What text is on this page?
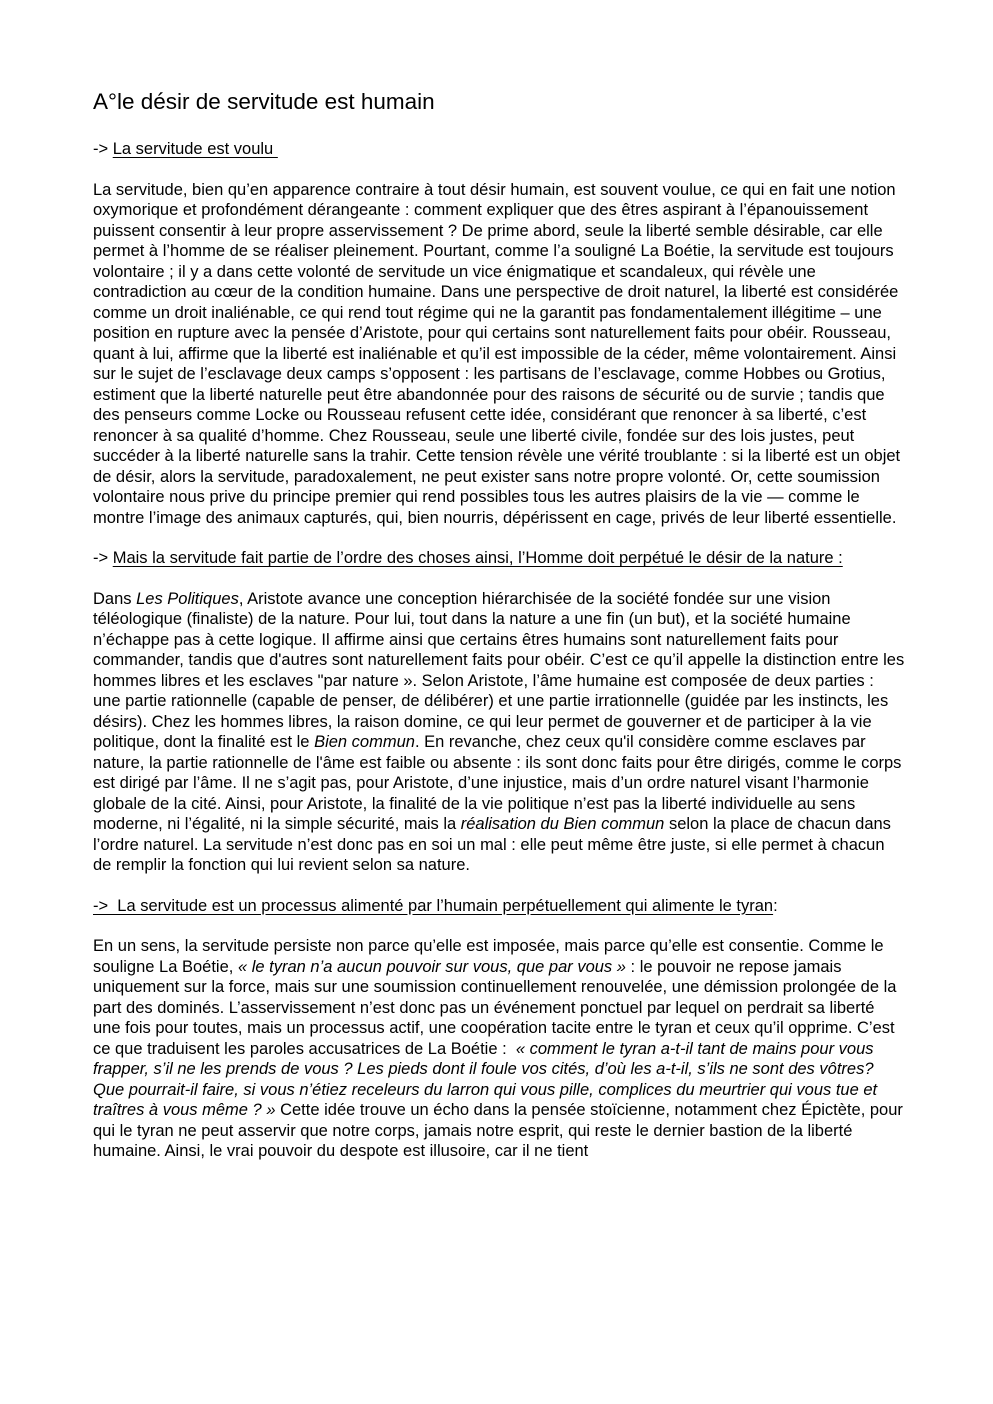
A°le désir de servitude est humain
-> La servitude est voulu

La servitude, bien qu’en apparence contraire à tout désir humain, est souvent voulue, ce qui en fait une notion oxymorique et profondément dérangeante : comment expliquer que des êtres aspirant à l’épanouissement puissent consentir à leur propre asservissement ? De prime abord, seule la liberté semble désirable, car elle permet à l’homme de se réaliser pleinement. Pourtant, comme l’a souligné La Boétie, la servitude est toujours volontaire ; il y a dans cette volonté de servitude un vice énigmatique et scandaleux, qui révèle une contradiction au cœur de la condition humaine. Dans une perspective de droit naturel, la liberté est considérée comme un droit inaliénable, ce qui rend tout régime qui ne la garantit pas fondamentalement illégitime – une position en rupture avec la pensée d’Aristote, pour qui certains sont naturellement faits pour obéir. Rousseau, quant à lui, affirme que la liberté est inaliénable et qu’il est impossible de la céder, même volontairement. Ainsi sur le sujet de l’esclavage deux camps s’opposent : les partisans de l’esclavage, comme Hobbes ou Grotius, estiment que la liberté naturelle peut être abandonnée pour des raisons de sécurité ou de survie ; tandis que des penseurs comme Locke ou Rousseau refusent cette idée, considérant que renoncer à sa liberté, c’est renoncer à sa qualité d’homme. Chez Rousseau, seule une liberté civile, fondée sur des lois justes, peut succéder à la liberté naturelle sans la trahir. Cette tension révèle une vérité troublante : si la liberté est un objet de désir, alors la servitude, paradoxalement, ne peut exister sans notre propre volonté. Or, cette soumission volontaire nous prive du principe premier qui rend possibles tous les autres plaisirs de la vie — comme le montre l’image des animaux capturés, qui, bien nourris, dépérissent en cage, privés de leur liberté essentielle.

-> Mais la servitude fait partie de l’ordre des choses ainsi, l’Homme doit perpétué le désir de la nature :

Dans Les Politiques, Aristote avance une conception hiérarchisée de la société fondée sur une vision téléologique (finaliste) de la nature. Pour lui, tout dans la nature a une fin (un but), et la société humaine n’échappe pas à cette logique. Il affirme ainsi que certains êtres humains sont naturellement faits pour commander, tandis que d'autres sont naturellement faits pour obéir. C’est ce qu’il appelle la distinction entre les hommes libres et les esclaves "par nature ». Selon Aristote, l’âme humaine est composée de deux parties : une partie rationnelle (capable de penser, de délibérer) et une partie irrationnelle (guidée par les instincts, les désirs). Chez les hommes libres, la raison domine, ce qui leur permet de gouverner et de participer à la vie politique, dont la finalité est le Bien commun. En revanche, chez ceux qu'il considère comme esclaves par nature, la partie rationnelle de l'âme est faible ou absente : ils sont donc faits pour être dirigés, comme le corps est dirigé par l’âme. Il ne s’agit pas, pour Aristote, d’une injustice, mais d’un ordre naturel visant l’harmonie globale de la cité. Ainsi, pour Aristote, la finalité de la vie politique n’est pas la liberté individuelle au sens moderne, ni l’égalité, ni la simple sécurité, mais la réalisation du Bien commun selon la place de chacun dans l’ordre naturel. La servitude n’est donc pas en soi un mal : elle peut même être juste, si elle permet à chacun de remplir la fonction qui lui revient selon sa nature.

->  La servitude est un processus alimenté par l’humain perpétuellement qui alimente le tyran:

En un sens, la servitude persiste non parce qu’elle est imposée, mais parce qu’elle est consentie. Comme le souligne La Boétie, « le tyran n’a aucun pouvoir sur vous, que par vous » : le pouvoir ne repose jamais uniquement sur la force, mais sur une soumission continuellement renouvelée, une démission prolongée de la part des dominés. L’asservissement n’est donc pas un événement ponctuel par lequel on perdrait sa liberté une fois pour toutes, mais un processus actif, une coopération tacite entre le tyran et ceux qu’il opprime. C’est ce que traduisent les paroles accusatrices de La Boétie :  « comment le tyran a-t-il tant de mains pour vous frapper, s’il ne les prends de vous ? Les pieds dont il foule vos cités, d’où les a-t-il, s’ils ne sont des vôtres? Que pourrait-il faire, si vous n’étiez receleurs du larron qui vous pille, complices du meurtrier qui vous tue et traîtres à vous même ? » Cette idée trouve un écho dans la pensée stoïcienne, notamment chez Épictète, pour qui le tyran ne peut asservir que notre corps, jamais notre esprit, qui reste le dernier bastion de la liberté humaine. Ainsi, le vrai pouvoir du despote est illusoire, car il ne tient
